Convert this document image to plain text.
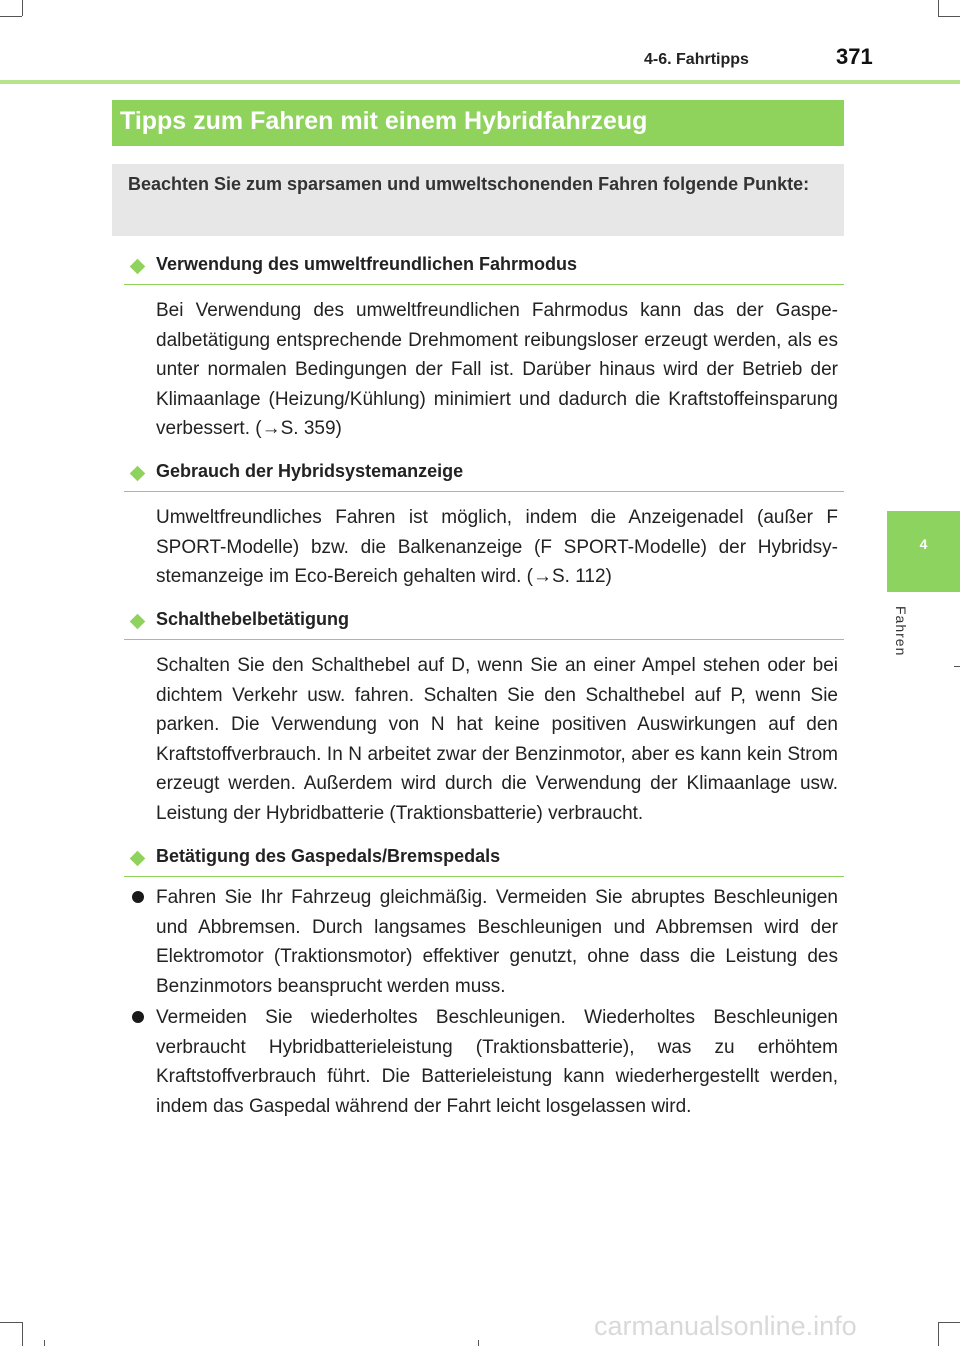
4-6. Fahrtipps	371
4
Fahren
Tipps zum Fahren mit einem Hybridfahrzeug
Beachten Sie zum sparsamen und umweltschonenden Fahren folgende Punkte:
Verwendung des umweltfreundlichen Fahrmodus

Bei Verwendung des umweltfreundlichen Fahrmodus kann das der Gaspedalbetätigung entsprechende Drehmoment reibungsloser erzeugt werden, als es unter normalen Bedingungen der Fall ist. Darüber hinaus wird der Betrieb der Klimaanlage (Heizung/Kühlung) minimiert und dadurch die Kraftstoffeinsparung verbessert. (→S. 359)

Gebrauch der Hybridsystemanzeige

Umweltfreundliches Fahren ist möglich, indem die Anzeigenadel (außer F SPORT-Modelle) bzw. die Balkenanzeige (F SPORT-Modelle) der Hybridsystemanzeige im Eco-Bereich gehalten wird. (→S. 112)

Schalthebelbetätigung

Schalten Sie den Schalthebel auf D, wenn Sie an einer Ampel stehen oder bei dichtem Verkehr usw. fahren. Schalten Sie den Schalthebel auf P, wenn Sie parken. Die Verwendung von N hat keine positiven Auswirkungen auf den Kraftstoffverbrauch. In N arbeitet zwar der Benzinmotor, aber es kann kein Strom erzeugt werden. Außerdem wird durch die Verwendung der Klimaanlage usw. Leistung der Hybridbatterie (Traktionsbatterie) verbraucht.

Betätigung des Gaspedals/Bremspedals

Fahren Sie Ihr Fahrzeug gleichmäßig. Vermeiden Sie abruptes Beschleunigen und Abbremsen. Durch langsames Beschleunigen und Abbremsen wird der Elektromotor (Traktionsmotor) effektiver genutzt, ohne dass die Leistung des Benzinmotors beansprucht werden muss.

Vermeiden Sie wiederholtes Beschleunigen. Wiederholtes Beschleunigen verbraucht Hybridbatterieleistung (Traktionsbatterie), was zu erhöhtem Kraftstoffverbrauch führt. Die Batterieleistung kann wiederhergestellt werden, indem das Gaspedal während der Fahrt leicht losgelassen wird.

carmanualsonline.info
